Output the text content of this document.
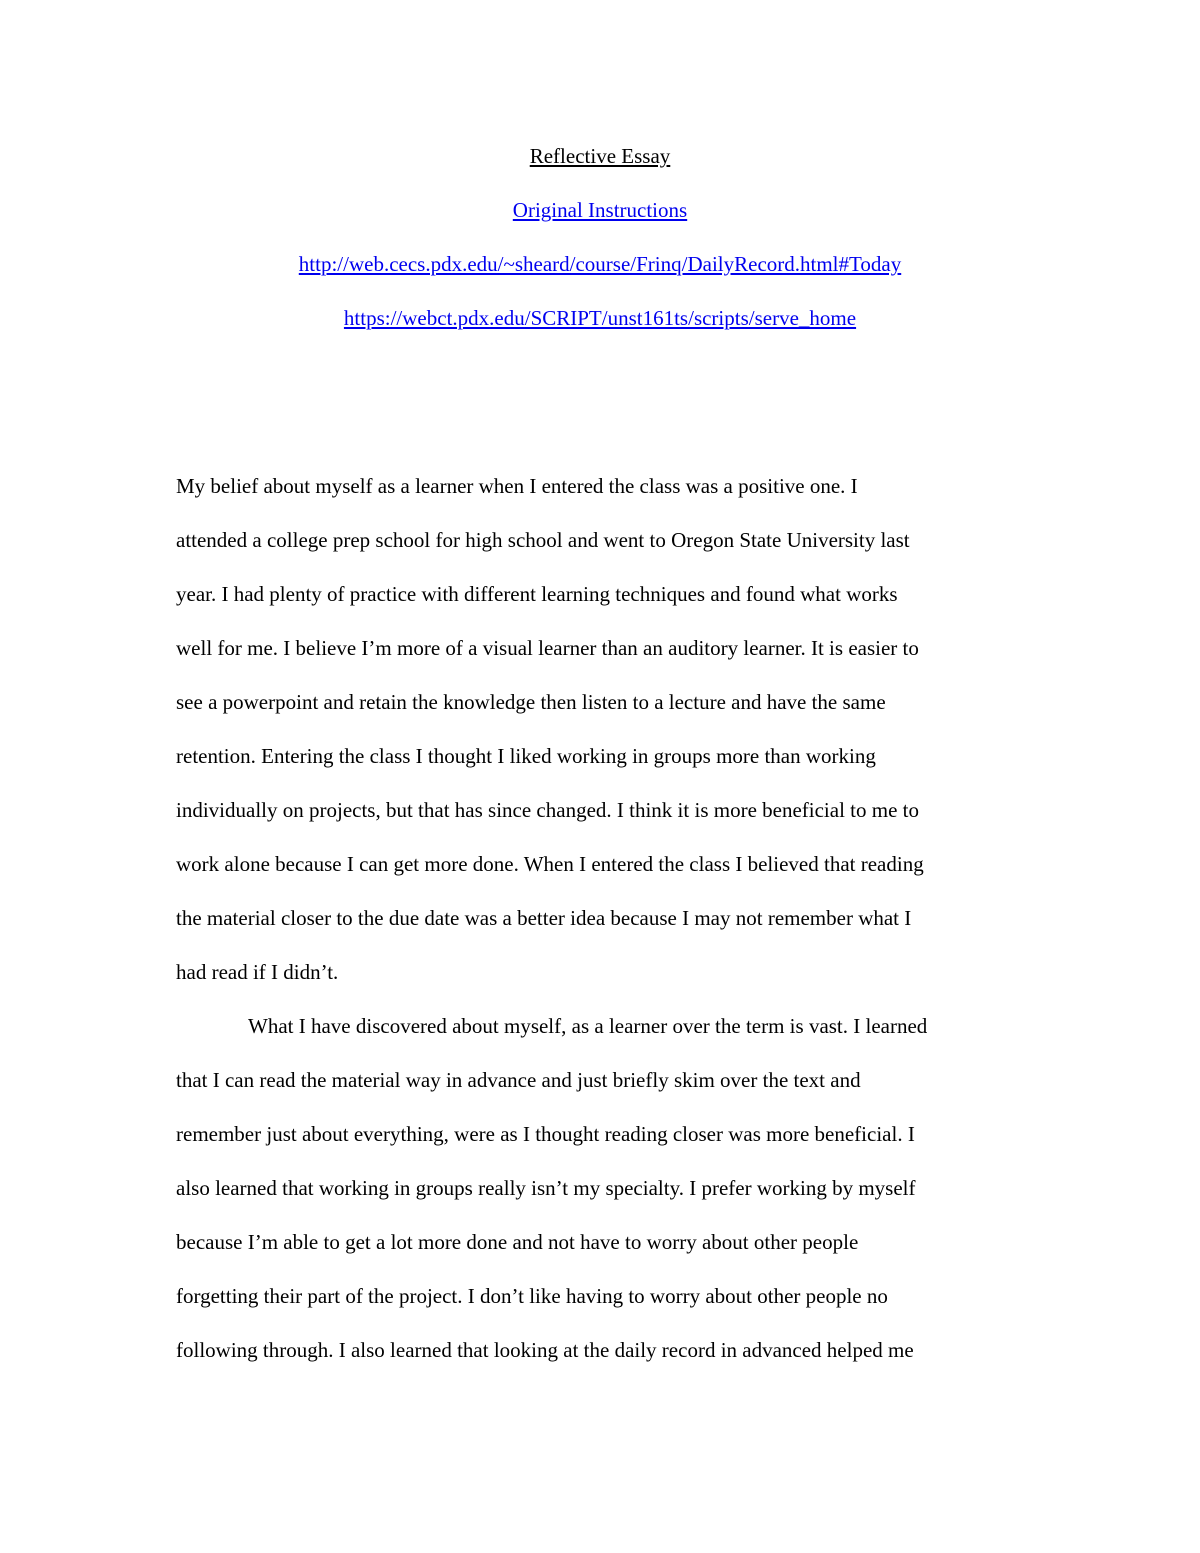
Reflective Essay
Original Instructions
http://web.cecs.pdx.edu/~sheard/course/Frinq/DailyRecord.html#Today
https://webct.pdx.edu/SCRIPT/unst161ts/scripts/serve_home
My belief about myself as a learner when I entered the class was a positive one. I
attended a college prep school for high school and went to Oregon State University last
year. I had plenty of practice with different learning techniques and found what works
well for me. I believe I’m more of a visual learner than an auditory learner. It is easier to
see a powerpoint and retain the knowledge then listen to a lecture and have the same
retention. Entering the class I thought I liked working in groups more than working
individually on projects, but that has since changed. I think it is more beneficial to me to
work alone because I can get more done. When I entered the class I believed that reading
the material closer to the due date was a better idea because I may not remember what I
had read if I didn’t.
What I have discovered about myself, as a learner over the term is vast. I learned
that I can read the material way in advance and just briefly skim over the text and
remember just about everything, were as I thought reading closer was more beneficial. I
also learned that working in groups really isn’t my specialty. I prefer working by myself
because I’m able to get a lot more done and not have to worry about other people
forgetting their part of the project. I don’t like having to worry about other people no
following through. I also learned that looking at the daily record in advanced helped me
